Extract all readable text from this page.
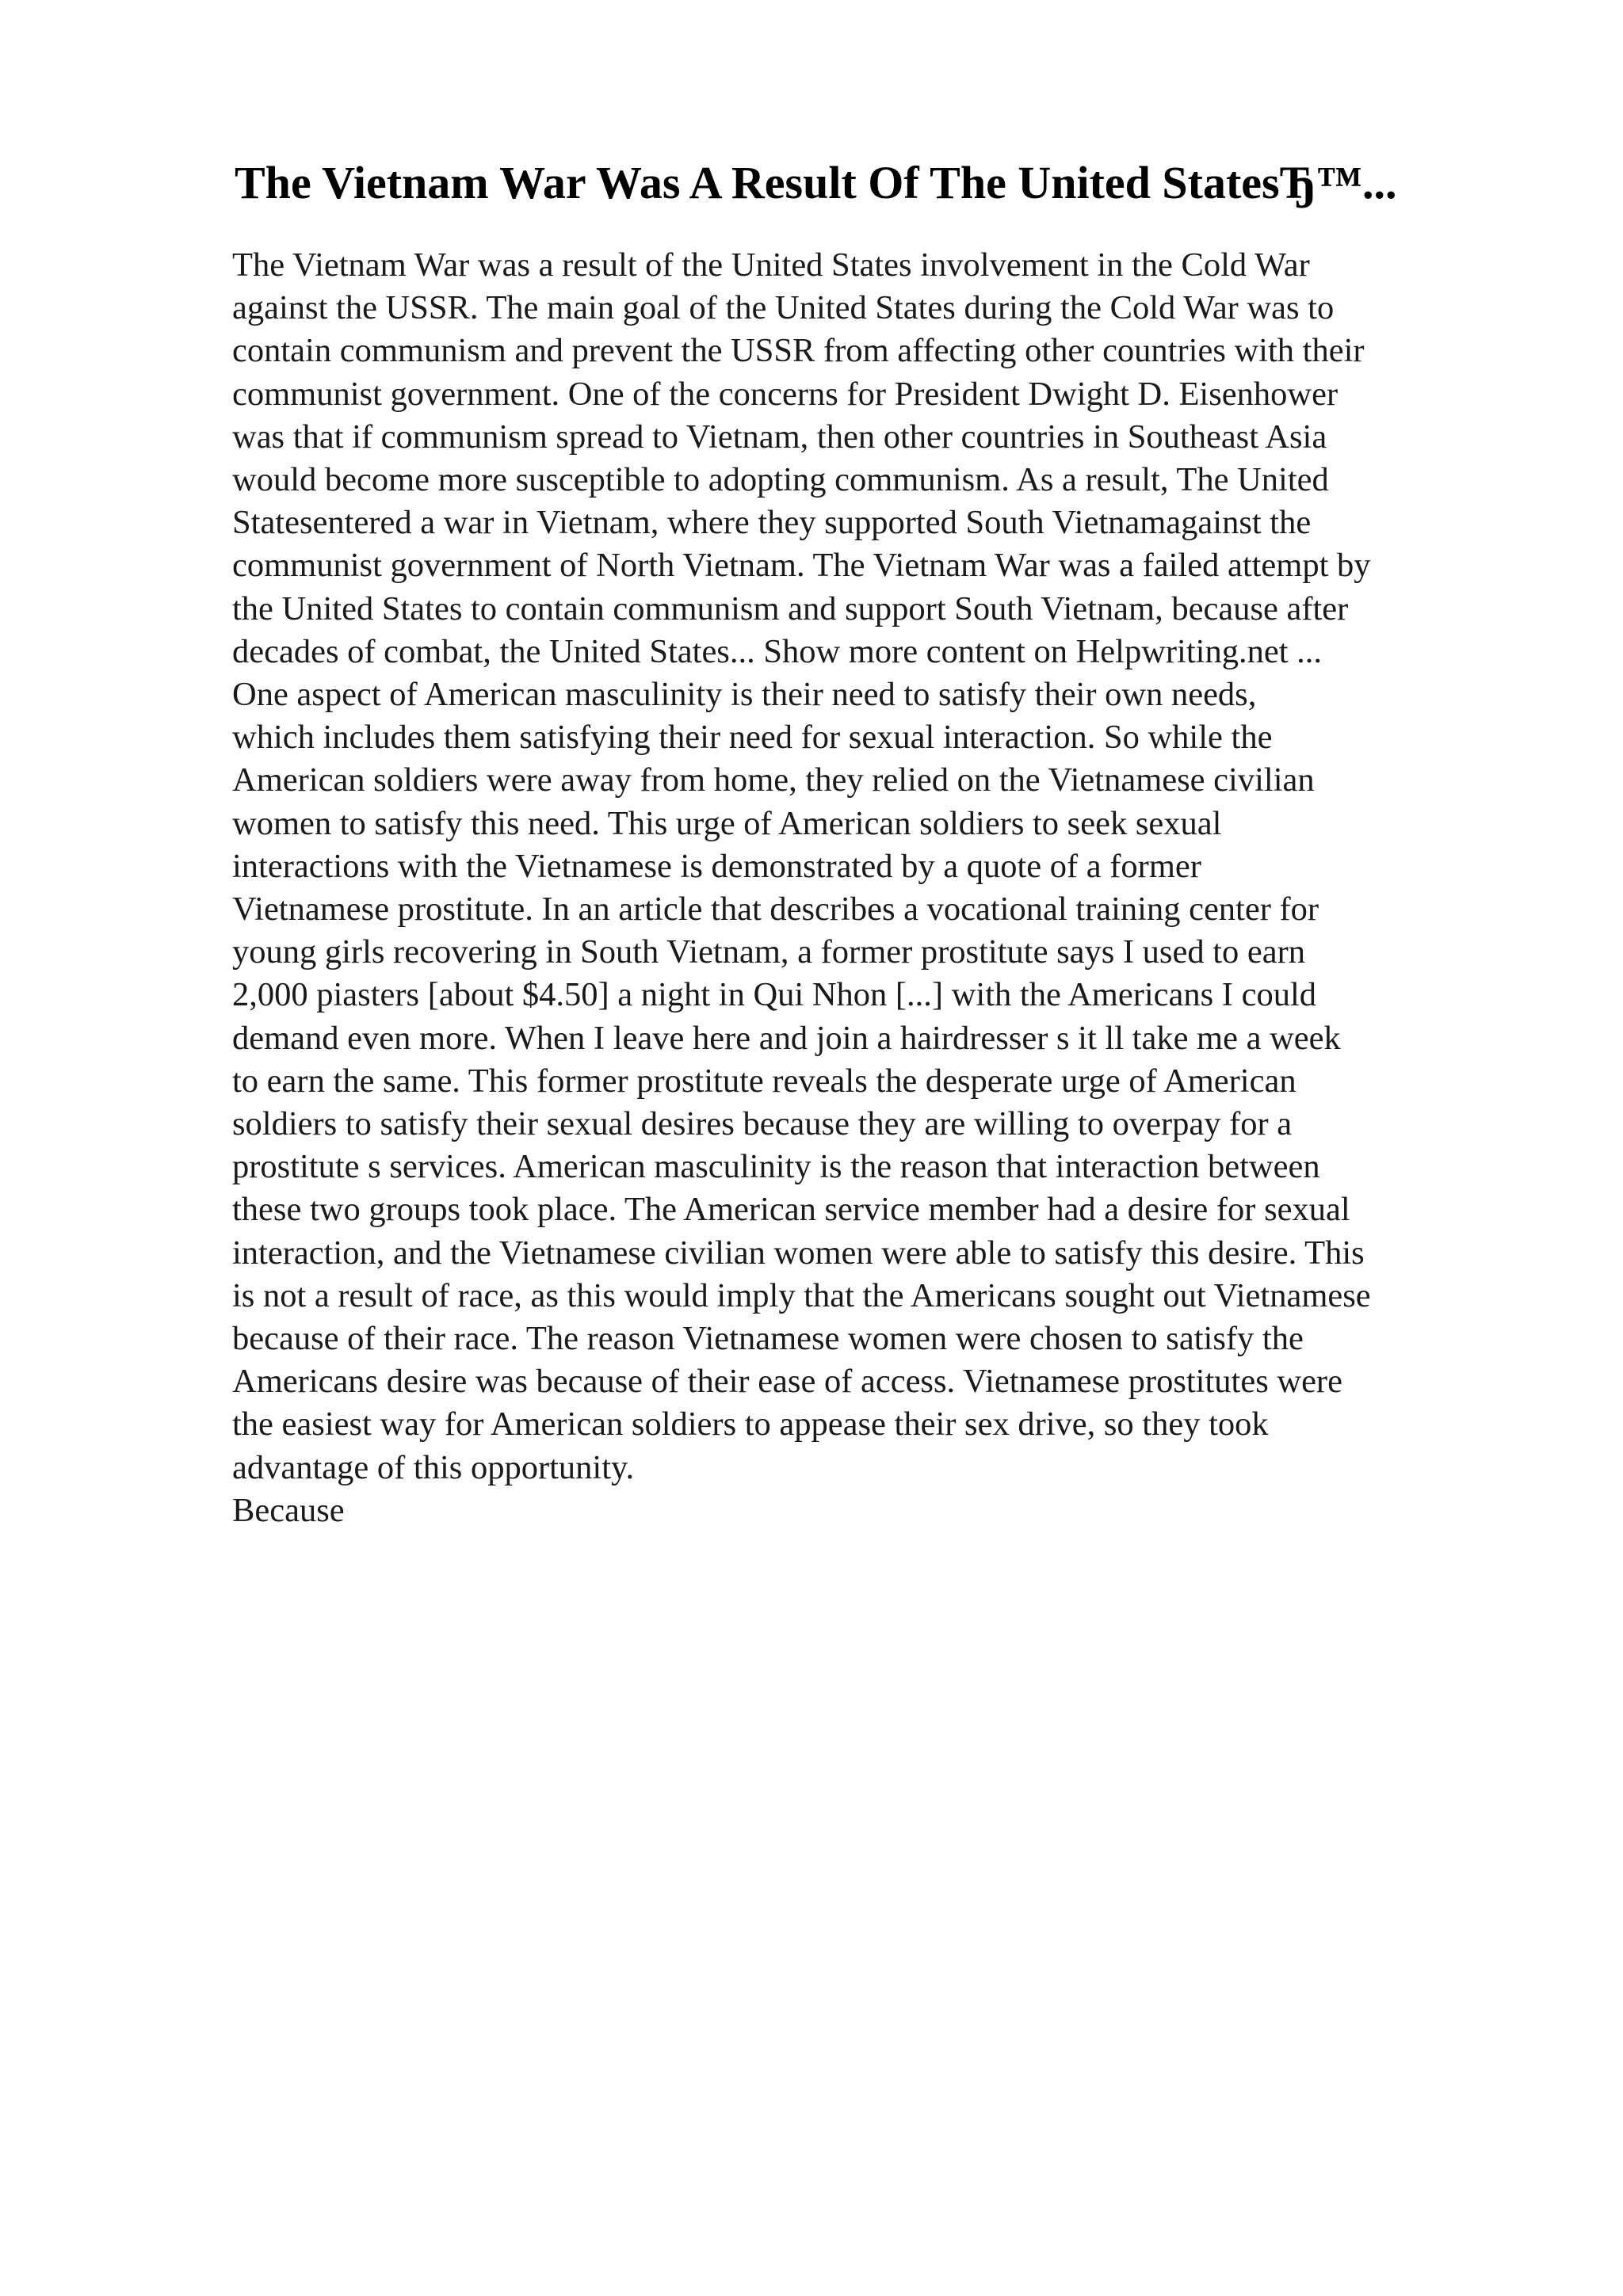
The Vietnam War Was A Result Of The United StatesЂ™...
The Vietnam War was a result of the United States involvement in the Cold War
against the USSR. The main goal of the United States during the Cold War was to
contain communism and prevent the USSR from affecting other countries with their
communist government. One of the concerns for President Dwight D. Eisenhower
was that if communism spread to Vietnam, then other countries in Southeast Asia
would become more susceptible to adopting communism. As a result, The United
Statesentered a war in Vietnam, where they supported South Vietnamagainst the
communist government of North Vietnam. The Vietnam War was a failed attempt by
the United States to contain communism and support South Vietnam, because after
decades of combat, the United States... Show more content on Helpwriting.net ...
One aspect of American masculinity is their need to satisfy their own needs,
which includes them satisfying their need for sexual interaction. So while the
American soldiers were away from home, they relied on the Vietnamese civilian
women to satisfy this need. This urge of American soldiers to seek sexual
interactions with the Vietnamese is demonstrated by a quote of a former
Vietnamese prostitute. In an article that describes a vocational training center for
young girls recovering in South Vietnam, a former prostitute says I used to earn
2,000 piasters [about $4.50] a night in Qui Nhon [...] with the Americans I could
demand even more. When I leave here and join a hairdresser s it ll take me a week
to earn the same. This former prostitute reveals the desperate urge of American
soldiers to satisfy their sexual desires because they are willing to overpay for a
prostitute s services. American masculinity is the reason that interaction between
these two groups took place. The American service member had a desire for sexual
interaction, and the Vietnamese civilian women were able to satisfy this desire. This
is not a result of race, as this would imply that the Americans sought out Vietnamese
because of their race. The reason Vietnamese women were chosen to satisfy the
Americans desire was because of their ease of access. Vietnamese prostitutes were
the easiest way for American soldiers to appease their sex drive, so they took
advantage of this opportunity.
Because
